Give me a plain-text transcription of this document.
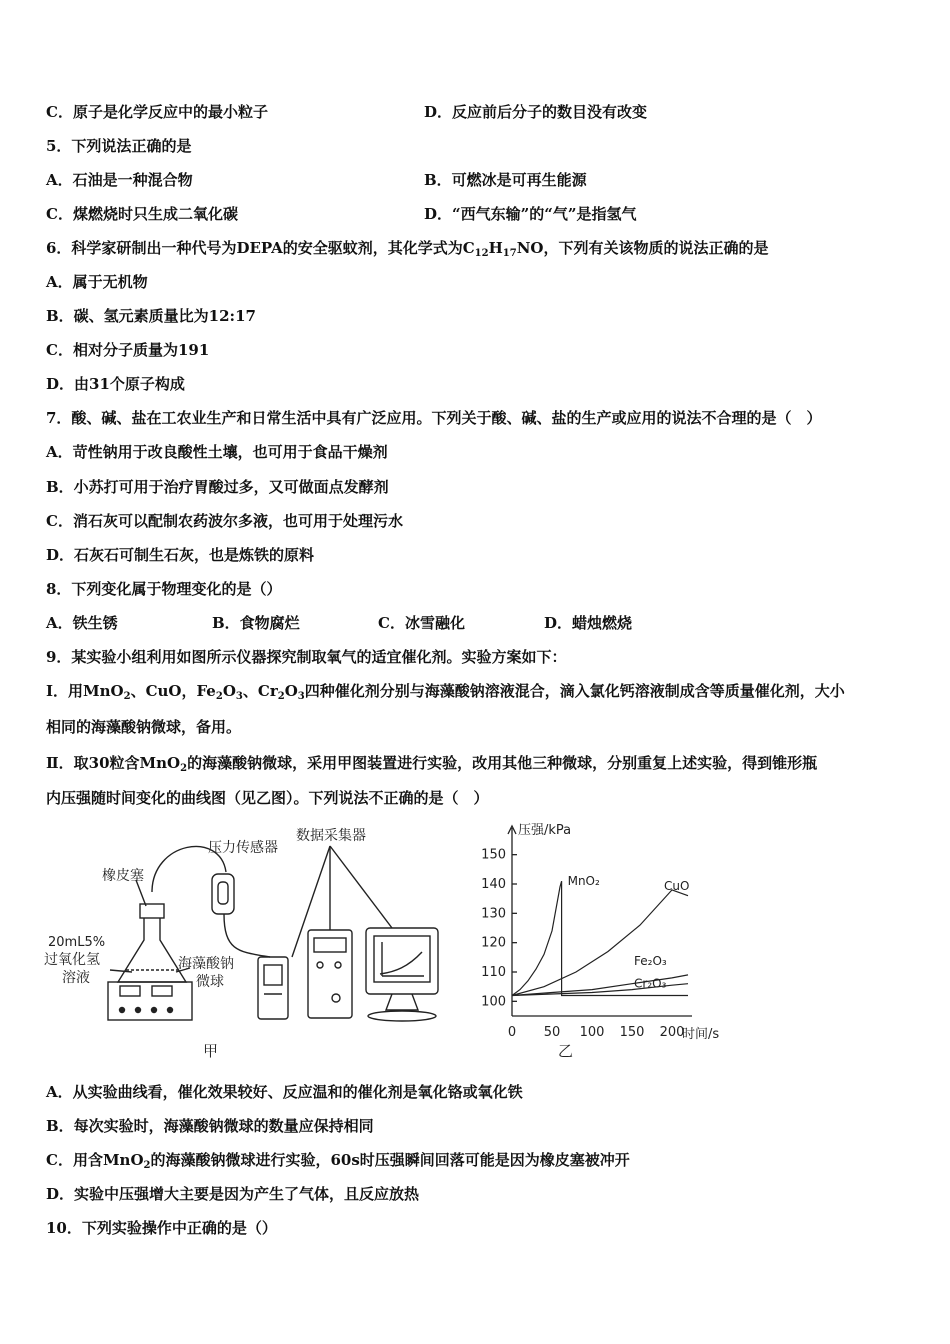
C．原子是化学反应中的最小粒子	D．反应前后分子的数目没有改变
5．下列说法正确的是
A．石油是一种混合物	B．可燃冰是可再生能源
C．煤燃烧时只生成二氧化碳	D．“西气东输”的“气”是指氢气
6．科学家研制出一种代号为DEPA的安全驱蚊剂，其化学式为$C_{12}H_{17}NO$，下列有关该物质的说法正确的是
A．属于无机物
B．碳、氢元素质量比为12:17
C．相对分子质量为191
D．由31个原子构成
7．酸、碱、盐在工农业生产和日常生活中具有广泛应用。下列关于酸、碱、盐的生产或应用的说法不合理的是（　）
A．苛性钠用于改良酸性土壤，也可用于食品干燥剂
B．小苏打可用于治疗胃酸过多，又可做面点发酵剂
C．消石灰可以配制农药波尔多液，也可用于处理污水
D．石灰石可制生石灰，也是炼铁的原料
8．下列变化属于物理变化的是（）
A．铁生锈	B．食物腐烂	C．冰雪融化	D．蜡烛燃烧
9．某实验小组利用如图所示仪器探究制取氧气的适宜催化剂。实验方案如下：
Ⅰ．用MnO$_2$、CuO，$Fe_2O_3$、$Cr_2O_3$四种催化剂分别与海藻酸钠溶液混合，滴入氯化钙溶液制成含等质量催化剂，大小
相同的海藻酸钠微球，备用。
Ⅱ．取30粒含MnO$_2$的海藻酸钠微球，采用甲图装置进行实验，改用其他三种微球，分别重复上述实验，得到锥形瓶
内压强随时间变化的曲线图（见乙图）。下列说法不正确的是（　）
压力传感器
数据采集器
橡皮塞
20mL5%
过氧化氢
溶液
海藻酸钠
微球
甲
100
110
120
130
140
150
0 50 100 150 200
压强/kPa
时间/s
乙
MnO₂	CuO
Fe₂O₃
Cr₂O₃
A．从实验曲线看，催化效果较好、反应温和的催化剂是氧化铬或氧化铁
B．每次实验时，海藻酸钠微球的数量应保持相同
C．用含MnO$_2$的海藻酸钠微球进行实验，60s时压强瞬间回落可能是因为橡皮塞被冲开
D．实验中压强增大主要是因为产生了气体，且反应放热
10．下列实验操作中正确的是（）
